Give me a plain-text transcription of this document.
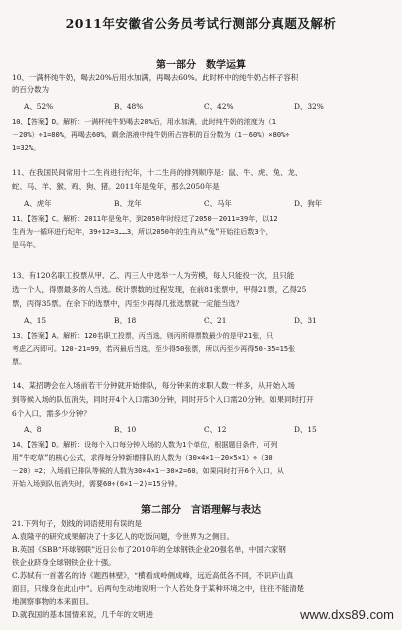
2011年安徽省公务员考试行测部分真题及解析
第一部分　数学运算
10、一满杯纯牛奶，喝去20%后用水加满，再喝去60%。此时杯中的纯牛奶占杯子容积
的百分数为
A、52%	B、48%	C、42%	D、32%
10、【答案】D。解析：一满杯纯牛奶喝去20%后，用水加满，此时纯牛奶的浓度为（1
－20%）÷1=80%，再喝去60%，剩余溶液中纯牛奶所占容积的百分数为（1－60%）×80%÷
1=32%。
11、在我国民间常用十二生肖进行纪年，十二生肖的排列顺序是：鼠、牛、虎、兔、龙、
蛇、马、羊、猴、鸡、狗、猪。2011年是兔年，那么2050年是
A、虎年	B、龙年	C、马年	D、狗年
11、【答案】C。解析：2011年是兔年，到2050年时经过了2050－2011=39年，以12
生肖为一循环进行纪年，39÷12=3……3，所以2050年的生肖从“兔”开始往后数3个，
是马年。
13、有120名职工投票从甲、乙、丙三人中选举一人为劳模，每人只能投一次，且只能
选一个人，得票最多的人当选。统计票数的过程发现，在前81张票中，甲得21票，乙得25
票，丙得35票。在余下的选票中，丙至少再得几张选票就一定能当选？
A、15	B、18	C、21	D、31
13、【答案】A。解析：120名职工投票，丙当选，则丙所得票数最少的是甲21张，只
考虑乙丙即可。120-21=99，若丙最后当选，至少得50张票，所以丙至少再得50-35=15张
票。
14、某招聘会在入场前若干分钟就开始排队，每分钟来的求职人数一样多，从开始入场
到等候入场的队伍消失，同时开4个入口需30分钟，同时开5个入口需20分钟。如果同时打开
6个入口，需多少分钟？
A、8	B、10	C、12	D、15
14、【答案】D。解析：设每个入口每分钟入场的人数为1个单位，根据题目条件，可列
用“牛吃草”的核心公式，求得每分钟新增排队的人数为（30×4×1－20×5×1）÷（30
－20）=2；入场前已排队等候的人数为30×4×1－30×2=60。如果同时打开6个入口，从
开始入场到队伍消失时，需要60÷(6×1－2)=15分钟。
第二部分　言语理解与表达
21.下列句子，划线的词语使用有误的是
A.袁隆平的研究成果解决了十多亿人的吃饭问题，令世界为之侧目。
B.英国《SBB“环球钢联”近日公布了2010年的全球钢铁企业20强名单，中国六家钢
铁企业跻身全球钢铁企业十强。
C.苏轼有一首著名的诗《题西林壁》，“横看成岭侧成峰，远近高低各不同，不识庐山真
面目，只缘身在此山中”。后两句生动地说明一个人若处身于某种环境之中，往往不能清楚
地洞察事物的本来面目。
D.就我国的基本国情来说，几千年的文明进	www.dxs89.com
